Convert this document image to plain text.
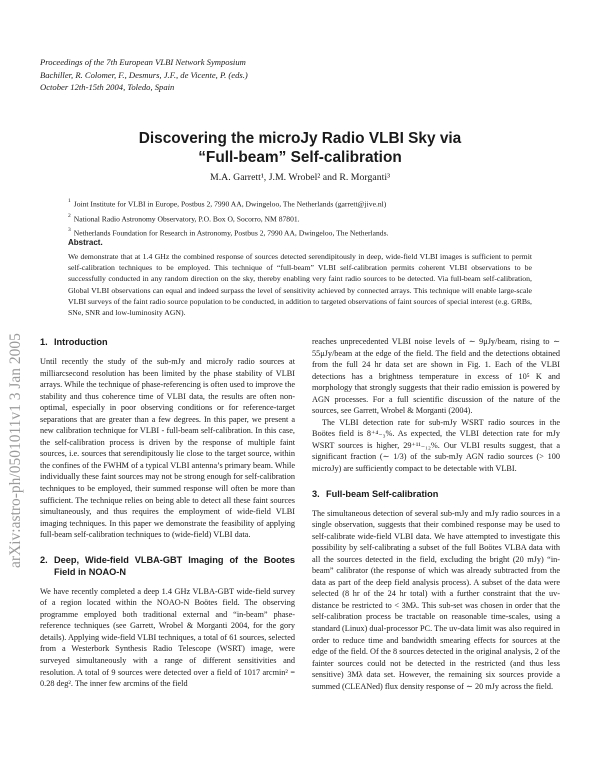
Proceedings of the 7th European VLBI Network Symposium
Bachiller, R. Colomer, F., Desmurs, J.F., de Vicente, P. (eds.)
October 12th-15th 2004, Toledo, Spain
arXiv:astro-ph/0501011v1 3 Jan 2005
Discovering the microJy Radio VLBI Sky via
“Full-beam” Self-calibration
M.A. Garrett¹, J.M. Wrobel² and R. Morganti³
$^1$ Joint Institute for VLBI in Europe, Postbus 2, 7990 AA, Dwingeloo, The Netherlands (garrett@jive.nl)
$^2$ National Radio Astronomy Observatory, P.O. Box O, Socorro, NM 87801.
$^3$ Netherlands Foundation for Research in Astronomy, Postbus 2, 7990 AA, Dwingeloo, The Netherlands.
Abstract.
We demonstrate that at 1.4 GHz the combined response of sources detected serendipitously in deep, wide-field VLBI images is sufficient to permit self-calibration techniques to be employed. This technique of “full-beam” VLBI self-calibration permits coherent VLBI observations to be successfully conducted in any random direction on the sky, thereby enabling very faint radio sources to be detected. Via full-beam self-calibration, Global VLBI observations can equal and indeed surpass the level of sensitivity achieved by connected arrays. This technique will enable large-scale VLBI surveys of the faint radio source population to be conducted, in addition to targeted observations of faint sources of special interest (e.g. GRBs, SNe, SNR and low-luminosity AGN).
1. Introduction

Until recently the study of the sub-mJy and microJy radio sources at milliarcsecond resolution has been limited by the phase stability of VLBI arrays. While the technique of phase-referencing is often used to improve the stability and thus coherence time of VLBI data, the results are often non-optimal, especially in poor observing conditions or for reference-target separations that are greater than a few degrees. In this paper, we present a new calibration technique for VLBI - full-beam self-calibration. In this case, the self-calibration process is driven by the response of multiple faint sources, i.e. sources that serendipitously lie close to the target source, within the confines of the FWHM of a typical VLBI antenna’s primary beam. While individually these faint sources may not be strong enough for self-calibration techniques to be employed, their summed response will often be more than sufficient. The technique relies on being able to detect all these faint sources simultaneously, and thus requires the employment of wide-field VLBI imaging techniques. In this paper we demonstrate the feasibility of applying full-beam self-calibration techniques to (wide-field) VLBI data.

2. Deep, Wide-field VLBA-GBT Imaging of the Bootes Field in NOAO-N

We have recently completed a deep 1.4 GHz VLBA-GBT wide-field survey of a region located within the NOAO-N Boötes field. The observing programme employed both traditional external and “in-beam” phase-reference techniques (see Garrett, Wrobel & Morganti 2004, for the gory details). Applying wide-field VLBI techniques, a total of 61 sources, selected from a Westerbork Synthesis Radio Telescope (WSRT) image, were surveyed simultaneously with a range of different sensitivities and resolution. A total of 9 sources were detected over a field of 1017 arcmin² = 0.28 deg². The inner few arcmins of the field

reaches unprecedented VLBI noise levels of ∼ 9μJy/beam, rising to ∼ 55μJy/beam at the edge of the field. The field and the detections obtained from the full 24 hr data set are shown in Fig. 1. Each of the VLBI detections has a brightness temperature in excess of 10⁵ K and morphology that strongly suggests that their radio emission is powered by AGN processes. For a full scientific discussion of the nature of the sources, see Garrett, Wrobel & Morganti (2004).

The VLBI detection rate for sub-mJy WSRT radio sources in the Boötes field is 8⁺⁴₋₃%. As expected, the VLBI detection rate for mJy WSRT sources is higher, 29⁺¹¹₋₁₂%. Our VLBI results suggest, that a significant fraction (∼ 1/3) of the sub-mJy AGN radio sources (> 100 microJy) are sufficiently compact to be detectable with VLBI.

3. Full-beam Self-calibration

The simultaneous detection of several sub-mJy and mJy radio sources in a single observation, suggests that their combined response may be used to self-calibrate wide-field VLBI data. We have attempted to investigate this possibility by self-calibrating a subset of the full Boötes VLBA data with all the sources detected in the field, excluding the bright (20 mJy) “in-beam” calibrator (the response of which was already subtracted from the data as part of the deep field analysis process). A subset of the data were selected (8 hr of the 24 hr total) with a further constraint that the uv-distance be restricted to < 3Mλ. This sub-set was chosen in order that the self-calibration process be tractable on reasonable time-scales, using a standard (Linux) dual-processor PC. The uv-data limit was also required in order to reduce time and bandwidth smearing effects for sources at the edge of the field. Of the 8 sources detected in the original analysis, 2 of the fainter sources could not be detected in the restricted (and thus less sensitive) 3Mλ data set. However, the remaining six sources provide a summed (CLEANed) flux density response of ∼ 20 mJy across the field.
